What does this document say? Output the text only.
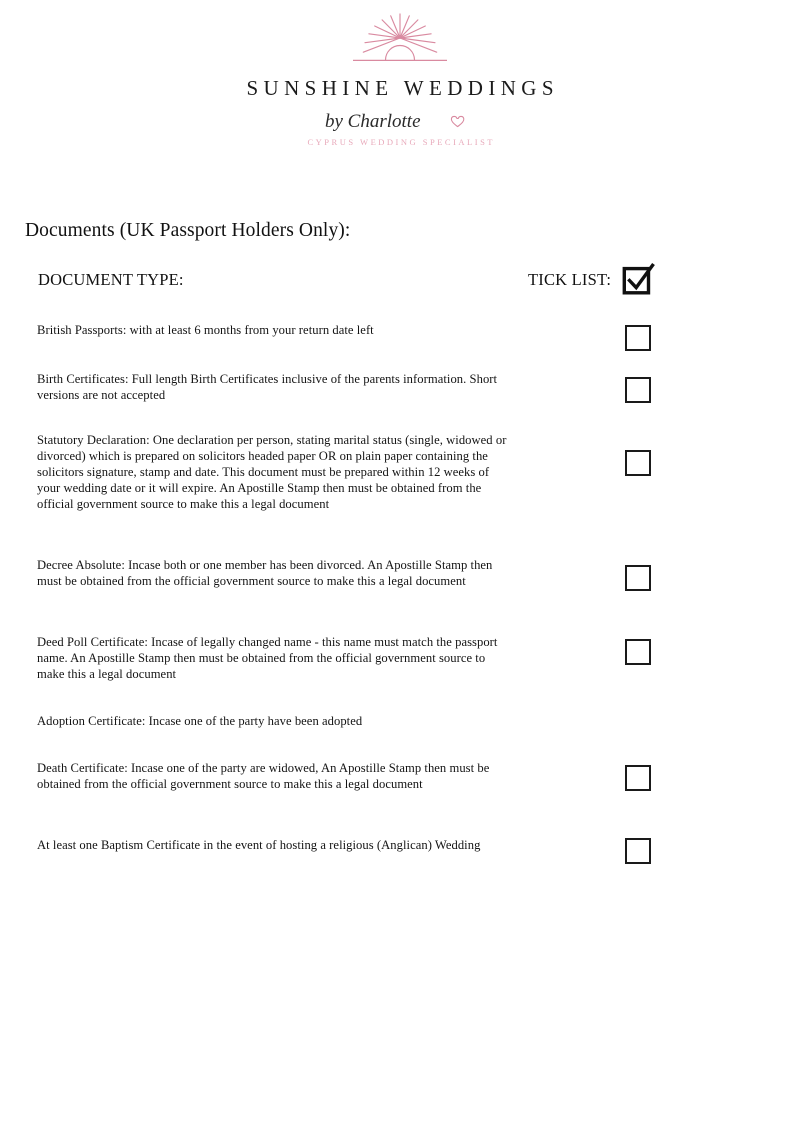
SUNSHINE WEDDINGS
by Charlotte
CYPRUS WEDDING SPECIALIST
Documents (UK Passport Holders Only):
DOCUMENT TYPE:	TICK LIST:
British Passports: with at least 6 months from your return date left
Birth Certificates: Full length Birth Certificates inclusive of the parents information. Short versions are not accepted
Statutory Declaration: One declaration per person, stating marital status (single, widowed or divorced) which is prepared on solicitors headed paper OR on plain paper containing the solicitors signature, stamp and date. This document must be prepared within 12 weeks of your wedding date or it will expire. An Apostille Stamp then must be obtained from the official government source to make this a legal document
Decree Absolute: Incase both or one member has been divorced. An Apostille Stamp then must be obtained from the official government source to make this a legal document
Deed Poll Certificate: Incase of legally changed name - this name must match the passport name. An Apostille Stamp then must be obtained from the official government source to make this a legal document
Adoption Certificate: Incase one of the party have been adopted
Death Certificate: Incase one of the party are widowed, An Apostille Stamp then must be obtained from the official government source to make this a legal document
At least one Baptism Certificate in the event of hosting a religious (Anglican) Wedding
